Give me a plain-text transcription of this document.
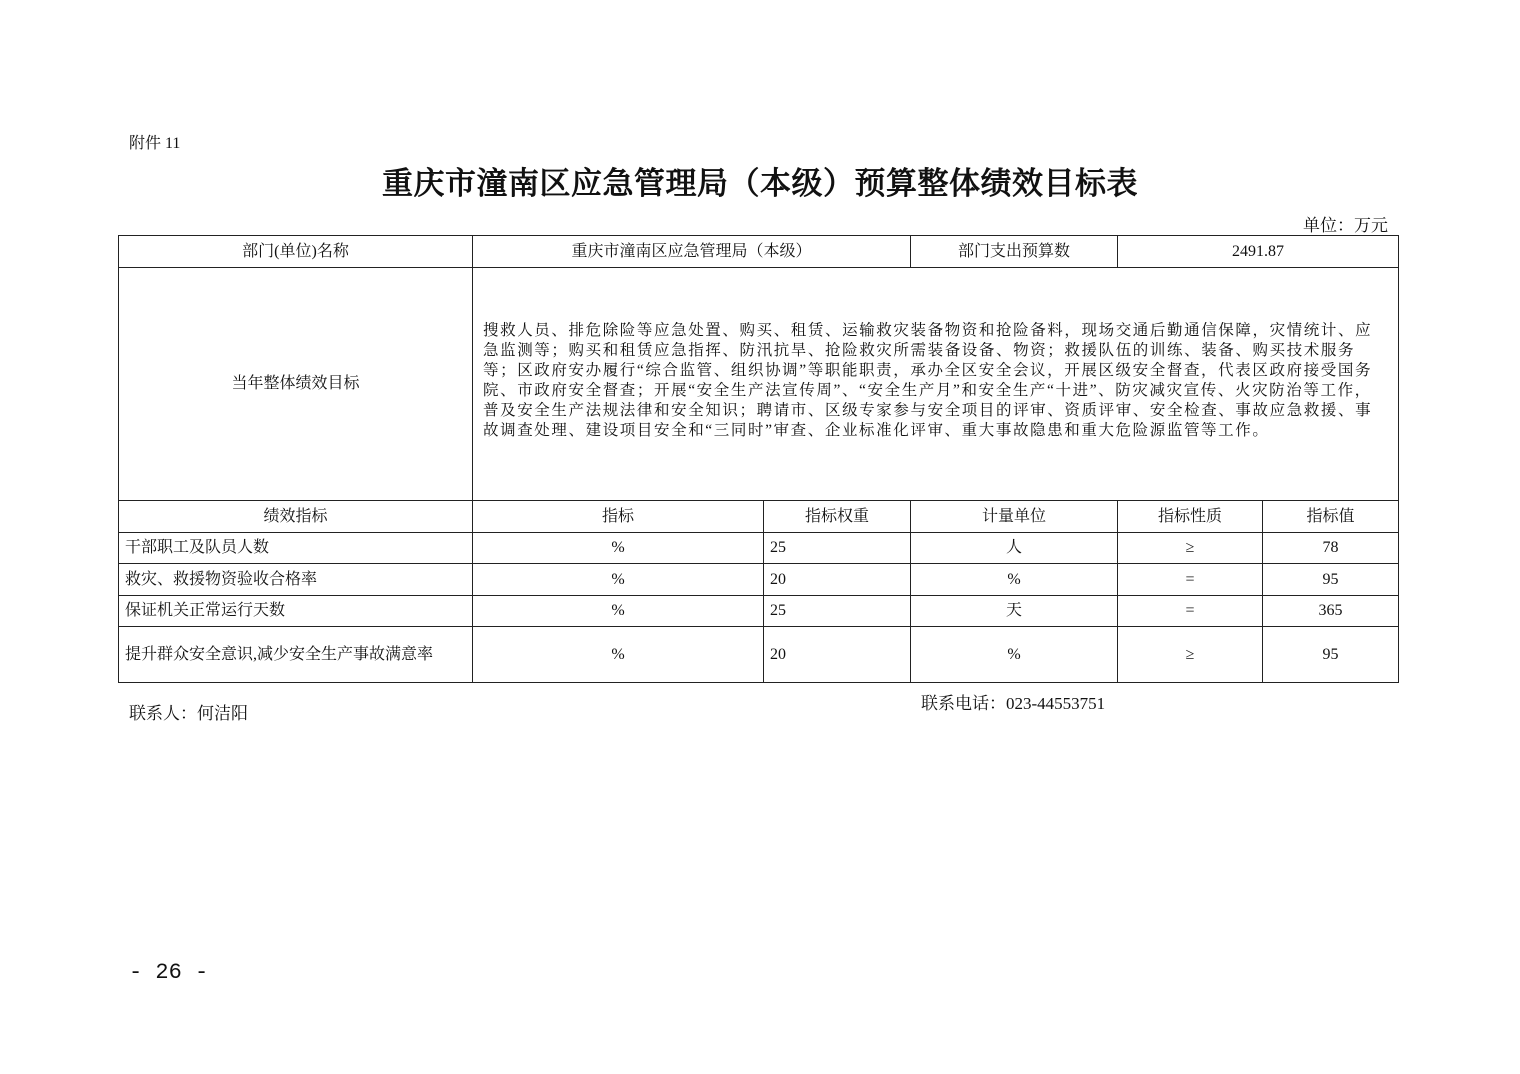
附件 11
重庆市潼南区应急管理局（本级）预算整体绩效目标表
单位：万元
部门(单位)名称	重庆市潼南区应急管理局（本级）		部门支出预算数	2491.87	
当年整体绩效目标	搜救人员、排危除险等应急处置、购买、租赁、运输救灾装备物资和抢险备料，现场交通后勤通信保障，灾情统计、应急监测等；购买和租赁应急指挥、防汛抗旱、抢险救灾所需装备设备、物资；救援队伍的训练、装备、购买技术服务等；区政府安办履行“综合监管、组织协调”等职能职责，承办全区安全会议，开展区级安全督查，代表区政府接受国务院、市政府安全督查；开展“安全生产法宣传周”、“安全生产月”和安全生产“十进”、防灾减灾宣传、火灾防治等工作，普及安全生产法规法律和安全知识；聘请市、区级专家参与安全项目的评审、资质评审、安全检查、事故应急救援、事故调查处理、建设项目安全和“三同时”审查、企业标准化评审、重大事故隐患和重大危险源监管等工作。				
绩效指标	指标	指标权重	计量单位	指标性质	指标值
干部职工及队员人数	%	25	人	≥	78
救灾、救援物资验收合格率	%	20	%	=	95
保证机关正常运行天数	%	25	天	=	365
提升群众安全意识,减少安全生产事故满意率	%	20	%	≥	95
联系人：何洁阳
联系电话：023-44553751
- 26 -
